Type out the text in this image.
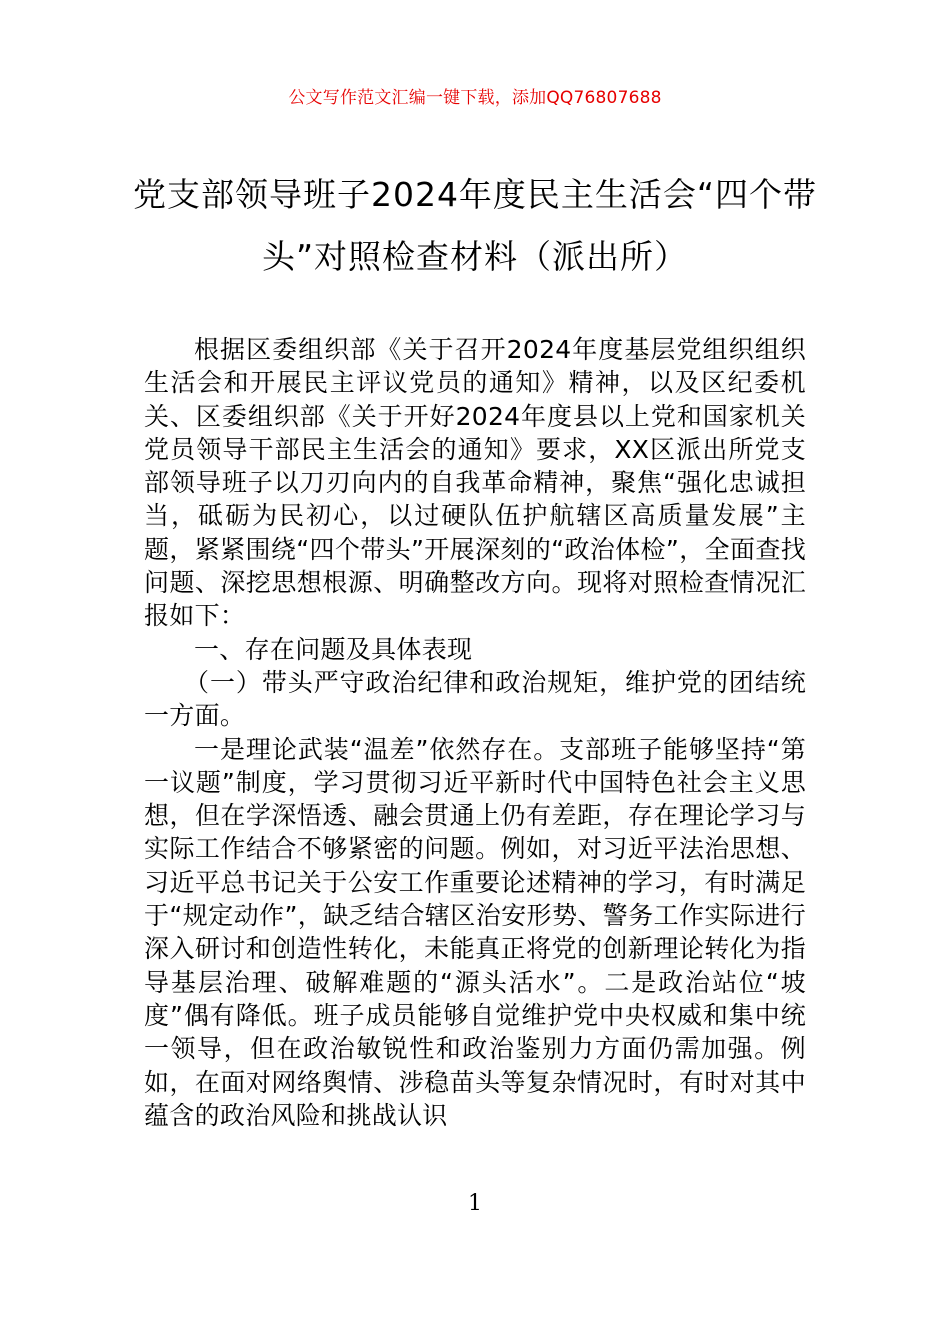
公文写作范文汇编一键下载，添加QQ76807688
党支部领导班子2024年度民主生活会“四个带头”对照检查材料（派出所）

根据区委组织部《关于召开2024年度基层党组织组织生活会和开展民主评议党员的通知》精神，以及区纪委机关、区委组织部《关于开好2024年度县以上党和国家机关党员领导干部民主生活会的通知》要求，XX区派出所党支部领导班子以刀刃向内的自我革命精神，聚焦“强化忠诚担当，砥砺为民初心，以过硬队伍护航辖区高质量发展”主题，紧紧围绕“四个带头”开展深刻的“政治体检”，全面查找问题、深挖思想根源、明确整改方向。现将对照检查情况汇报如下：

一、存在问题及具体表现

（一）带头严守政治纪律和政治规矩，维护党的团结统一方面。

一是理论武装“温差”依然存在。支部班子能够坚持“第一议题”制度，学习贯彻习近平新时代中国特色社会主义思想，但在学深悟透、融会贯通上仍有差距，存在理论学习与实际工作结合不够紧密的问题。例如，对习近平法治思想、习近平总书记关于公安工作重要论述精神的学习，有时满足于“规定动作”，缺乏结合辖区治安形势、警务工作实际进行深入研讨和创造性转化，未能真正将党的创新理论转化为指导基层治理、破解难题的“源头活水”。二是政治站位“坡度”偶有降低。班子成员能够自觉维护党中央权威和集中统一领导，但在政治敏锐性和政治鉴别力方面仍需加强。例如，在面对网络舆情、涉稳苗头等复杂情况时，有时对其中蕴含的政治风险和挑战认识

1
